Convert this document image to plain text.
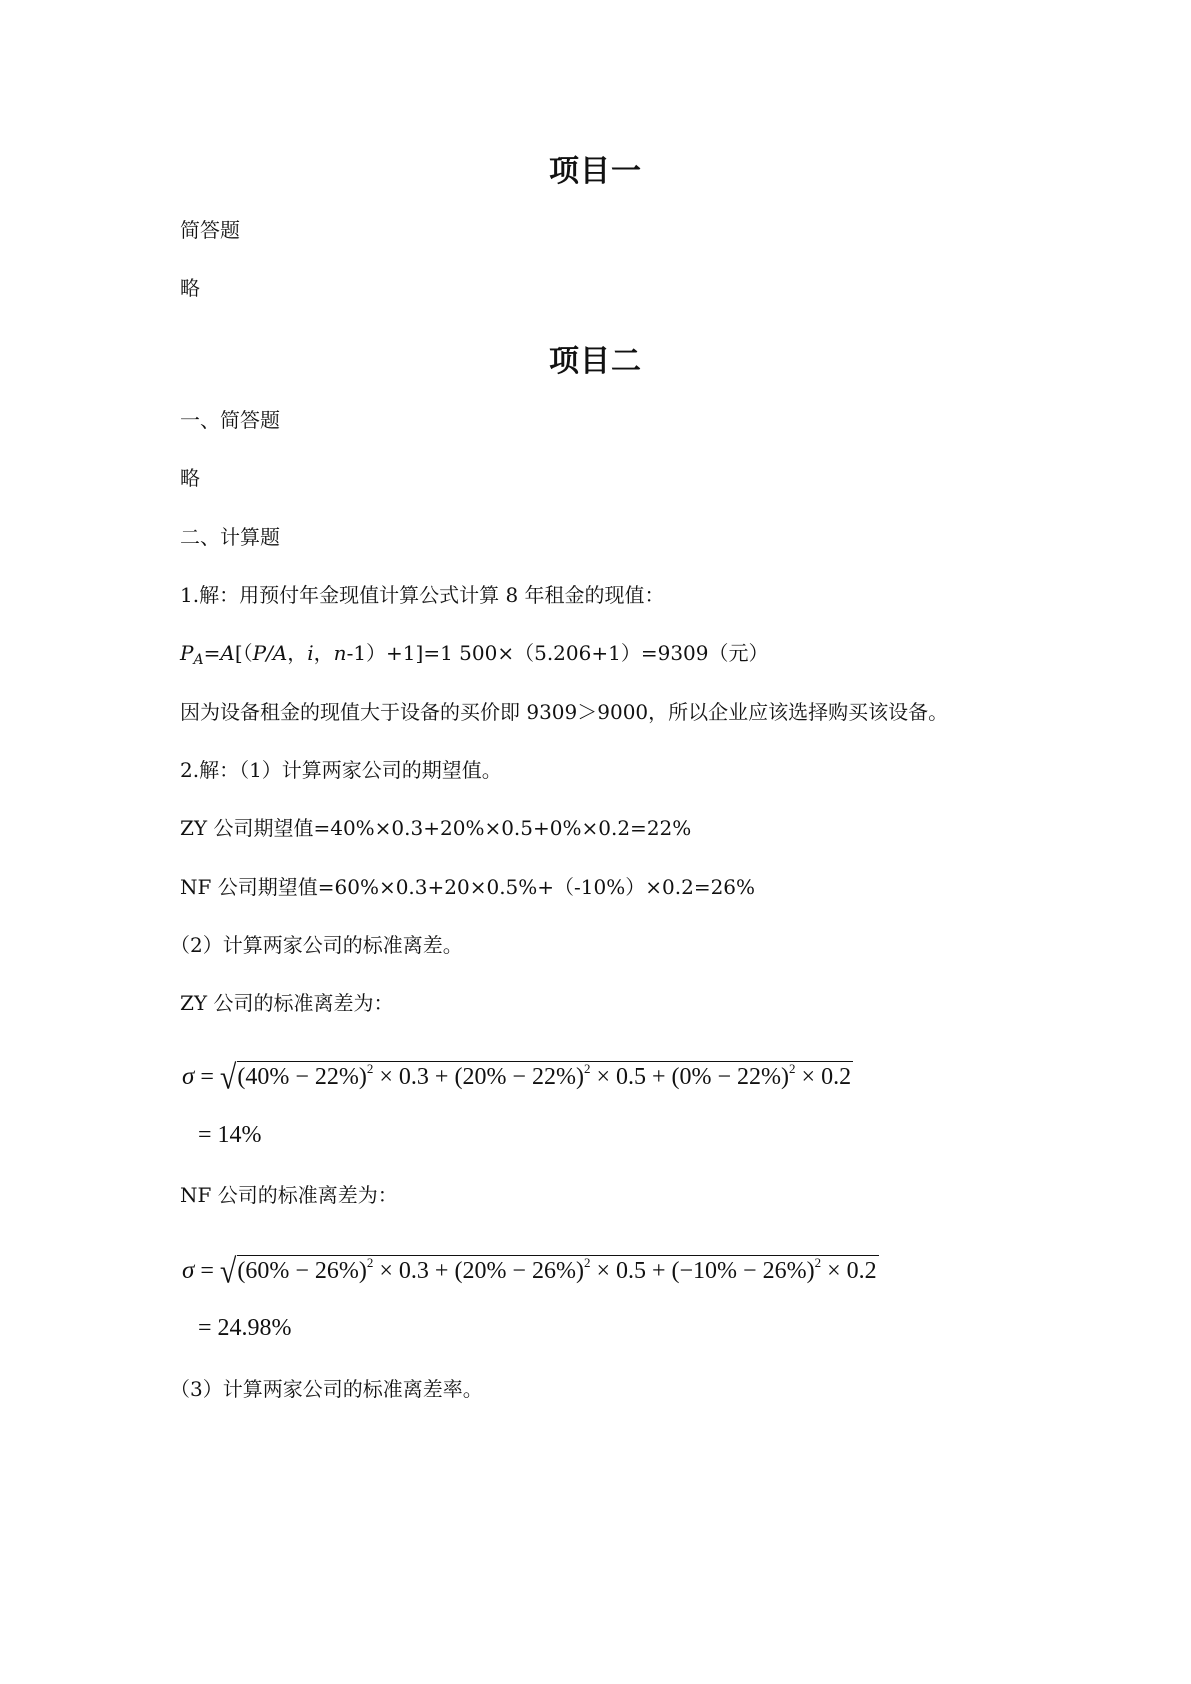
项目一
简答题
略
项目二
一、简答题
略
二、计算题
1.解：用预付年金现值计算公式计算 8 年租金的现值：
$P_A=A[(P/A$，i，n-1）+1]=1 500×（5.206+1）=9309（元）
因为设备租金的现值大于设备的买价即 9309＞9000，所以企业应该选择购买该设备。
2.解：（1）计算两家公司的期望值。
ZY 公司期望值=40%×0.3+20%×0.5+0%×0.2=22%
NF 公司期望值=60%×0.3+20×0.5%+（-10%）×0.2=26%
（2）计算两家公司的标准离差。
ZY 公司的标准离差为：
$\sigma = √(40\% - 22\%)^2 \times 0.3 + (20\% - 22\%)^2 \times 0.5 + (0\% - 22\%)^2 \times 0.2$
= 14%
NF 公司的标准离差为：
$\sigma = √(60\% - 26\%)^2 \times 0.3 + (20\% - 26\%)^2 \times 0.5 + (-10\% - 26\%)^2 \times 0.2$
= 24.98%
（3）计算两家公司的标准离差率。
